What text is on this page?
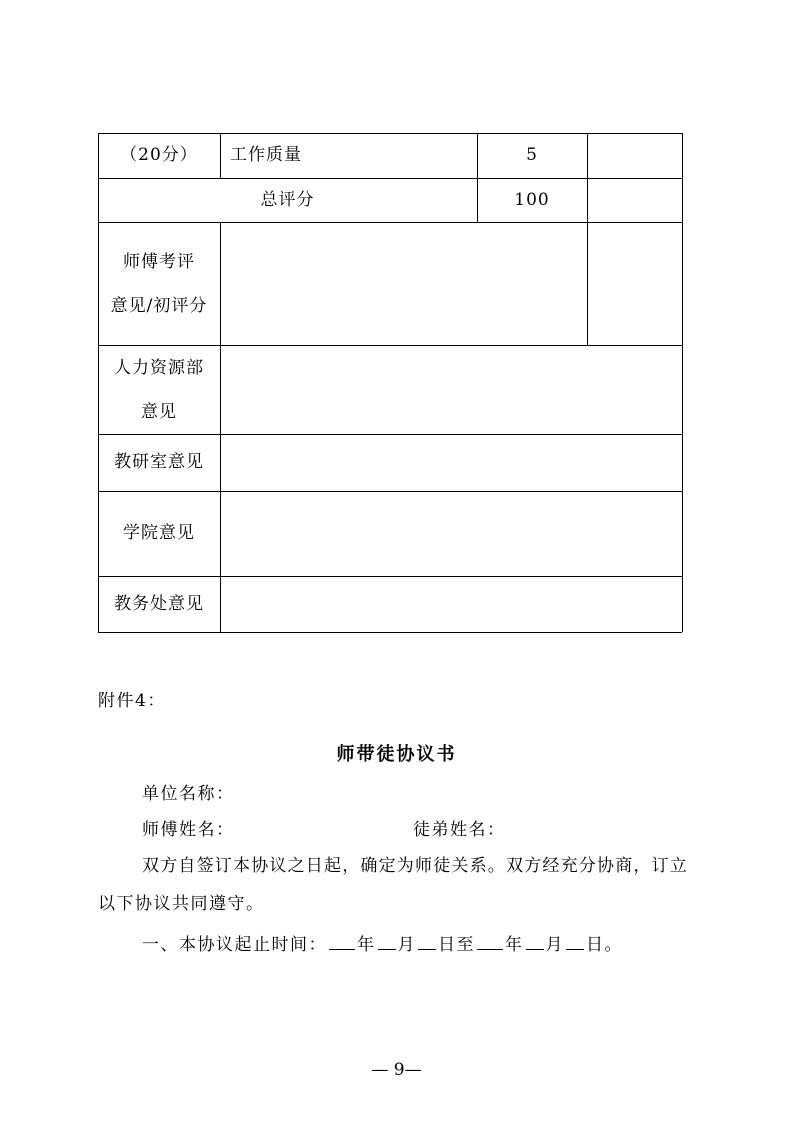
（20分）	工作质量	5
总评分	100
师傅考评
意见/初评分
人力资源部
意见
教研室意见
学院意见
教务处意见
附件4：
师带徒协议书
单位名称：
师傅姓名：	徒弟姓名：
双方自签订本协议之日起，确定为师徒关系。双方经充分协商，订立
以下协议共同遵守。
一、本协议起止时间： 年 月 日至 年 月 日。
— 9—
